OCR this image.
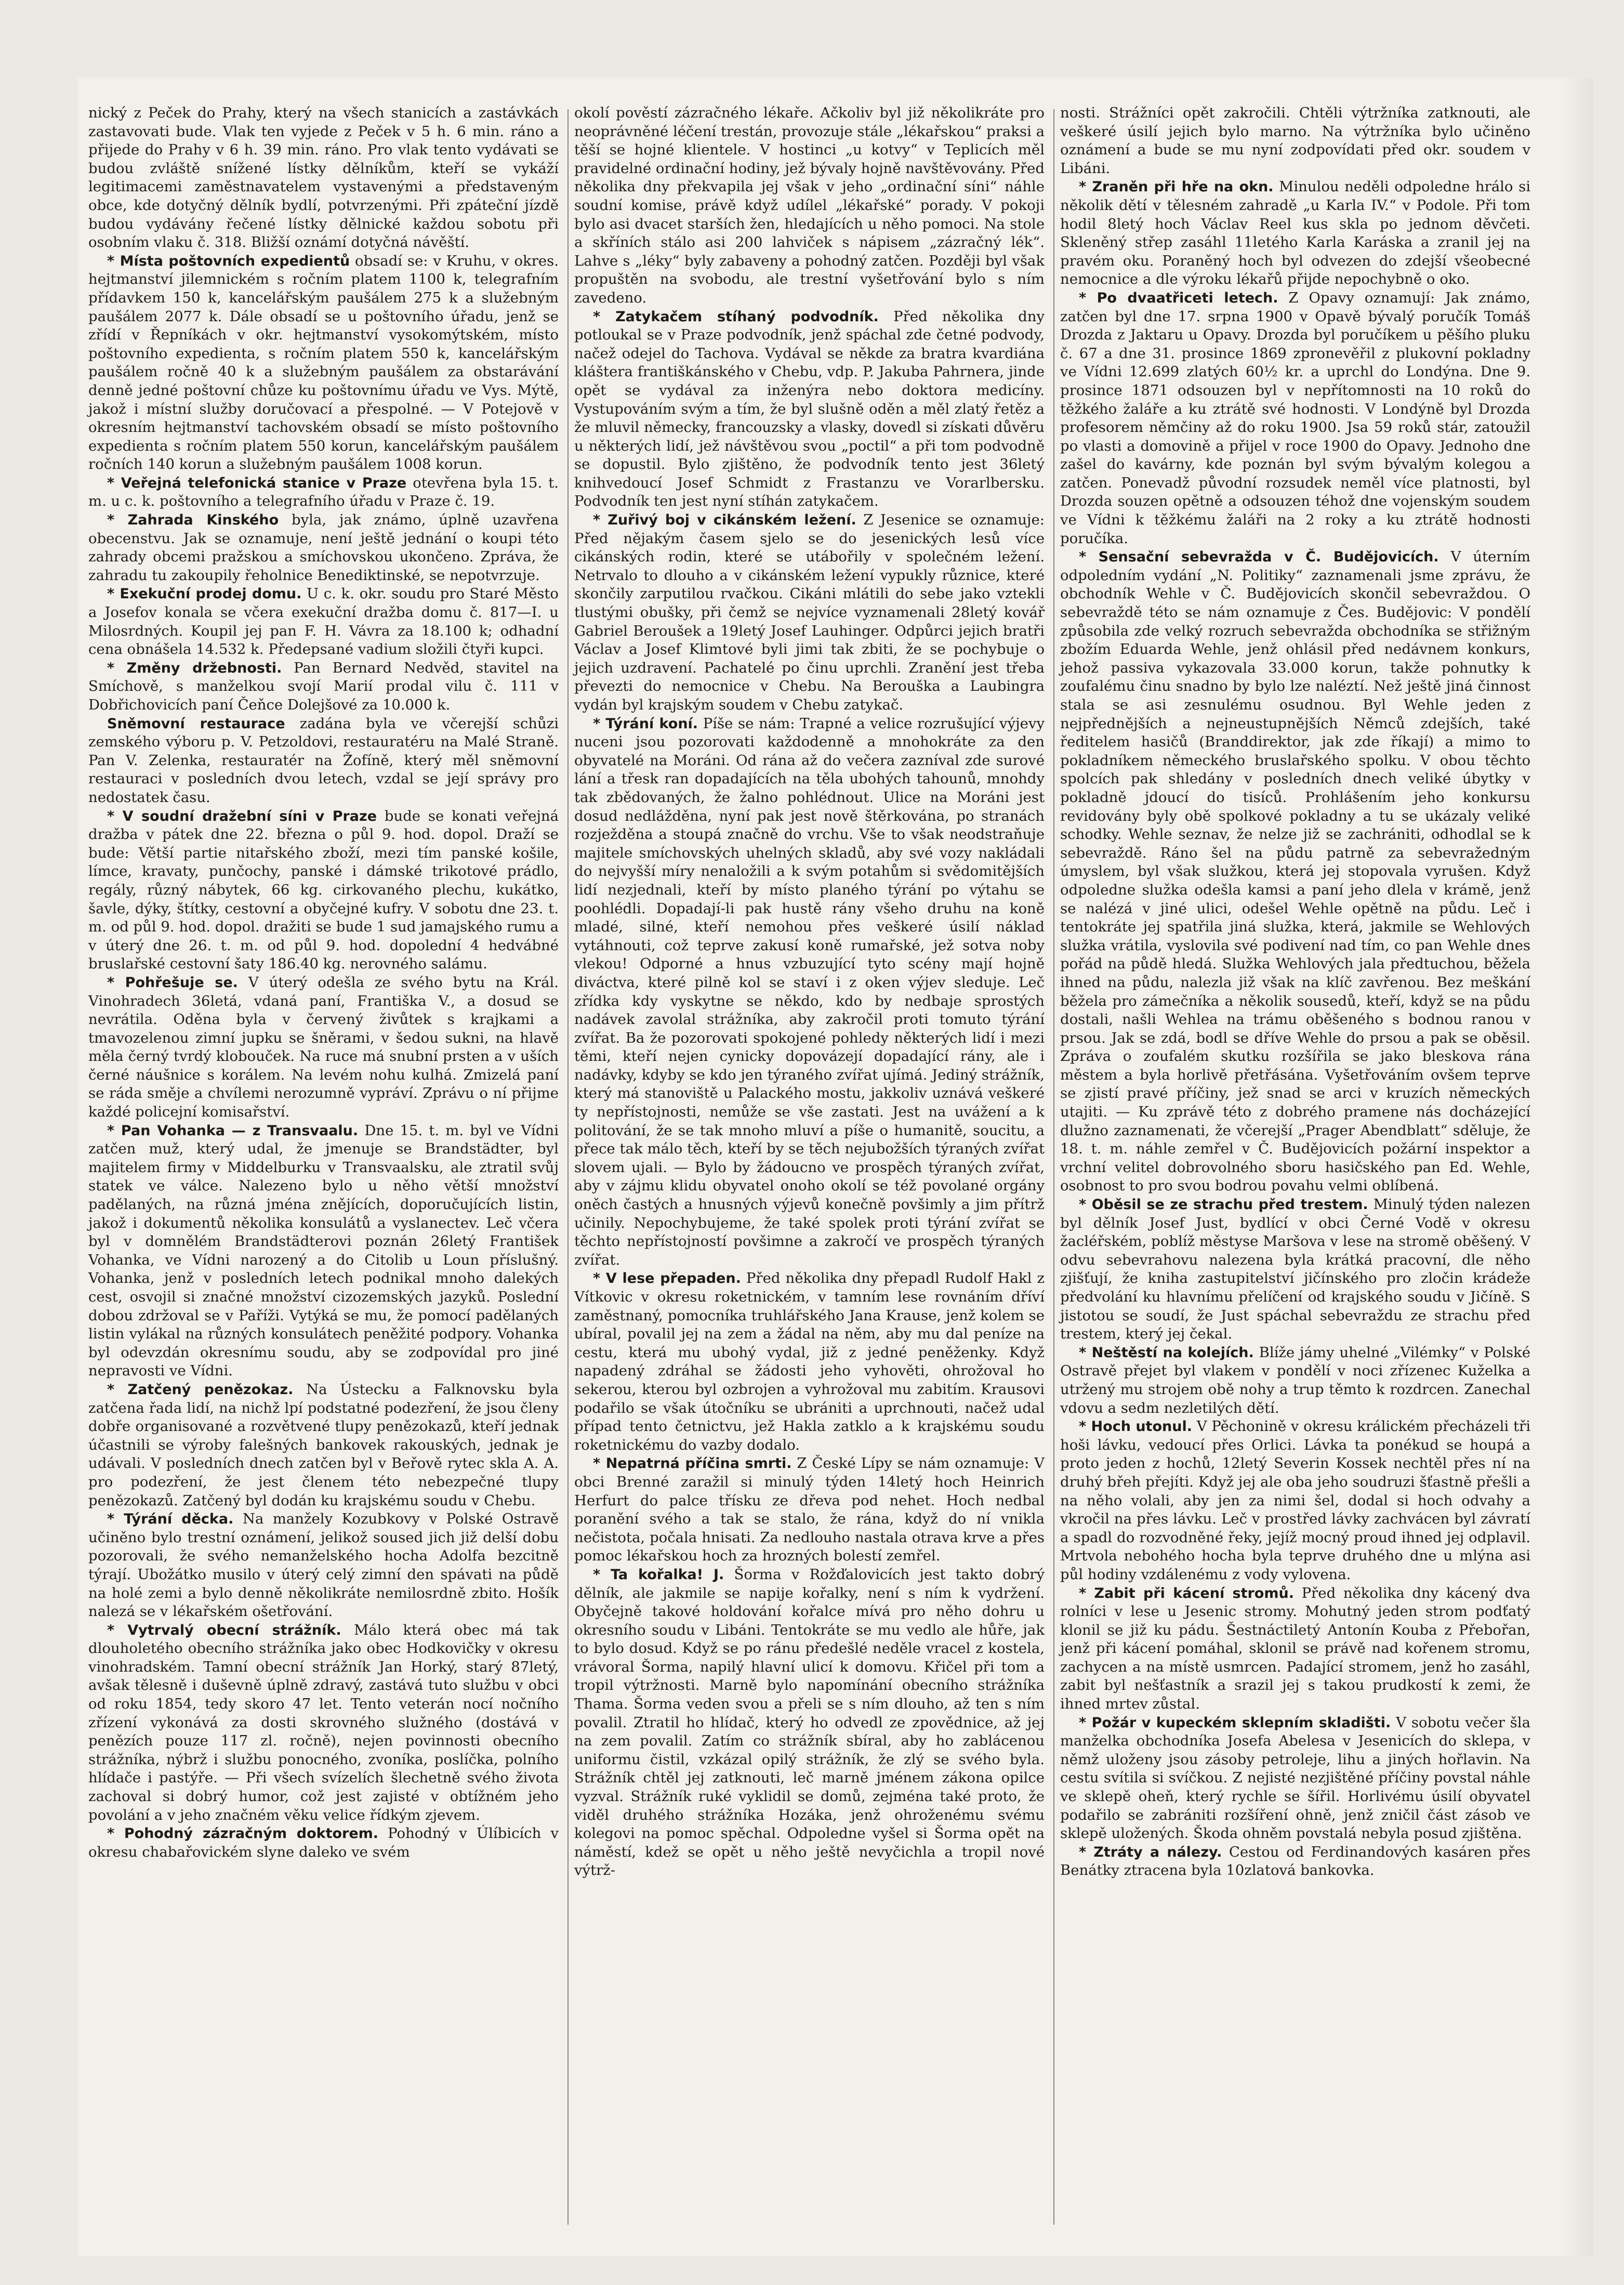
nický z Peček do Prahy, který na všech stanicích a zastávkách zastavovati bude. Vlak ten vyjede z Peček v 5 h. 6 min. ráno a přijede do Prahy v 6 h. 39 min. ráno. Pro vlak tento vydávati se budou zvláště snížené lístky dělníkům, kteří se vykáží legitimacemi zaměstnavatelem vystavenými a představeným obce, kde dotyčný dělník bydlí, potvrzenými. Při zpáteční jízdě budou vydávány řečené lístky dělnické každou sobotu při osobním vlaku č. 318. Bližší oznámí dotyčná návěští.

* Místa poštovních expedientů obsadí se: v Kruhu, v okres. hejtmanství jilemnickém s ročním platem 1100 k, telegrafním přídavkem 150 k, kancelářským paušálem 275 k a služebným paušálem 2077 k. Dále obsadí se u poštovního úřadu, jenž se zřídí v Řepníkách v okr. hejtmanství vysokomýtském, místo poštovního expedienta, s ročním platem 550 k, kancelářským paušálem ročně 40 k a služebným paušálem za obstarávání denně jedné poštovní chůze ku poštovnímu úřadu ve Vys. Mýtě, jakož i místní služby doručovací a přespolné. — V Potejově v okresním hejtmanství tachovském obsadí se místo poštovního expedienta s ročním platem 550 korun, kancelářským paušálem ročních 140 korun a služebným paušálem 1008 korun.

* Veřejná telefonická stanice v Praze otevřena byla 15. t. m. u c. k. poštovního a telegrafního úřadu v Praze č. 19.

* Zahrada Kinského byla, jak známo, úplně uzavřena obecenstvu. Jak se oznamuje, není ještě jednání o koupi této zahrady obcemi pražskou a smíchovskou ukončeno. Zpráva, že zahradu tu zakoupily řeholnice Benediktinské, se nepotvrzuje.

* Exekuční prodej domu. U c. k. okr. soudu pro Staré Město a Josefov konala se včera exekuční dražba domu č. 817—I. u Milosrdných. Koupil jej pan F. H. Vávra za 18.100 k; odhadní cena obnášela 14.532 k. Předepsané vadium složili čtyři kupci.

* Změny držebnosti. Pan Bernard Nedvěd, stavitel na Smíchově, s manželkou svojí Marií prodal vilu č. 111 v Dobřichovicích paní Čeňce Dolejšové za 10.000 k.

Sněmovní restaurace zadána byla ve včerejší schůzi zemského výboru p. V. Petzoldovi, restauratéru na Malé Straně. Pan V. Zelenka, restauratér na Žofíně, který měl sněmovní restauraci v posledních dvou letech, vzdal se její správy pro nedostatek času.

* V soudní dražební síni v Praze bude se konati veřejná dražba v pátek dne 22. března o půl 9. hod. dopol. Draží se bude: Větší partie nitařského zboží, mezi tím panské košile, límce, kravaty, punčochy, panské i dámské trikotové prádlo, regály, různý nábytek, 66 kg. cirkovaného plechu, kukátko, šavle, dýky, štítky, cestovní a obyčejné kufry. V sobotu dne 23. t. m. od půl 9. hod. dopol. dražiti se bude 1 sud jamajského rumu a v úterý dne 26. t. m. od půl 9. hod. dopolední 4 hedvábné bruslařské cestovní šaty 186.40 kg. nerovného salámu.

* Pohřešuje se. V úterý odešla ze svého bytu na Král. Vinohradech 36letá, vdaná paní, Františka V., a dosud se nevrátila. Oděna byla v červený živůtek s krajkami a tmavozelenou zimní jupku se šněrami, v šedou sukni, na hlavě měla černý tvrdý klobouček. Na ruce má snubní prsten a v uších černé náušnice s korálem. Na levém nohu kulhá. Zmizelá paní se ráda směje a chvílemi nerozumně vypráví. Zprávu o ní přijme každé policejní komisařství.

* Pan Vohanka — z Transvaalu. Dne 15. t. m. byl ve Vídni zatčen muž, který udal, že jmenuje se Brandstädter, byl majitelem firmy v Middelburku v Transvaalsku, ale ztratil svůj statek ve válce. Nalezeno bylo u něho větší množství padělaných, na různá jména znějících, doporučujících listin, jakož i dokumentů několika konsulátů a vyslanectev. Leč včera byl v domnělém Brandstädterovi poznán 26letý František Vohanka, ve Vídni narozený a do Citolib u Loun příslušný. Vohanka, jenž v posledních letech podnikal mnoho dalekých cest, osvojil si značné množství cizozemských jazyků. Poslední dobou zdržoval se v Paříži. Vytýká se mu, že pomocí padělaných listin vylákal na různých konsulátech peněžité podpory. Vohanka byl odevzdán okresnímu soudu, aby se zodpovídal pro jiné nepravosti ve Vídni.

* Zatčený penězokaz. Na Ústecku a Falknovsku byla zatčena řada lidí, na nichž lpí podstatné podezření, že jsou členy dobře organisované a rozvětvené tlupy penězokazů, kteří jednak účastnili se výroby falešných bankovek rakouských, jednak je udávali. V posledních dnech zatčen byl v Beřově rytec skla A. A. pro podezření, že jest členem této nebezpečné tlupy penězokazů. Zatčený byl dodán ku krajskému soudu v Chebu.

* Týrání děcka. Na manžely Kozubkovy v Polské Ostravě učiněno bylo trestní oznámení, jelikož soused jich již delší dobu pozorovali, že svého nemanželského hocha Adolfa bezcitně týrají. Ubožátko musilo v úterý celý zimní den spávati na půdě na holé zemi a bylo denně několikráte nemilosrdně zbito. Hošík nalezá se v lékařském ošetřování.

* Vytrvalý obecní strážník. Málo která obec má tak dlouholetého obecního strážníka jako obec Hodkovičky v okresu vinohradském. Tamní obecní strážník Jan Horký, starý 87letý, avšak tělesně i duševně úplně zdravý, zastává tuto službu v obci od roku 1854, tedy skoro 47 let. Tento veterán nocí nočního zřízení vykonává za dosti skrovného služného (dostává v penězích pouze 117 zl. ročně), nejen povinnosti obecního strážníka, nýbrž i službu ponocného, zvoníka, poslíčka, polního hlídače i pastýře. — Při všech svízelích šlechetně svého života zachoval si dobrý humor, což jest zajisté v obtížném jeho povolání a v jeho značném věku velice řídkým zjevem.

* Pohodný zázračným doktorem. Pohodný v Úlíbicích v okresu chabařovickém slyne daleko ve svém

okolí pověstí zázračného lékaře. Ačkoliv byl již několikráte pro neoprávněné léčení trestán, provozuje stále „lékařskou“ praksi a těší se hojné klientele. V hostinci „u kotvy“ v Teplicích měl pravidelné ordinační hodiny, jež bývaly hojně navštěvovány. Před několika dny překvapila jej však v jeho „ordinační síni“ náhle soudní komise, právě když udílel „lékařské“ porady. V pokoji bylo asi dvacet starších žen, hledajících u něho pomoci. Na stole a skříních stálo asi 200 lahviček s nápisem „zázračný lék“. Lahve s „léky“ byly zabaveny a pohodný zatčen. Později byl však propuštěn na svobodu, ale trestní vyšetřování bylo s ním zavedeno.

* Zatykačem stíhaný podvodník. Před několika dny potloukal se v Praze podvodník, jenž spáchal zde četné podvody, načež odejel do Tachova. Vydával se někde za bratra kvardiána kláštera františkánského v Chebu, vdp. P. Jakuba Pahrnera, jinde opět se vydával za inženýra nebo doktora medicíny. Vystupováním svým a tím, že byl slušně oděn a měl zlatý řetěz a že mluvil německy, francouzsky a vlasky, dovedl si získati důvěru u některých lidí, jež návštěvou svou „poctil“ a při tom podvodně se dopustil. Bylo zjištěno, že podvodník tento jest 36letý knihvedoucí Josef Schmidt z Frastanzu ve Vorarlbersku. Podvodník ten jest nyní stíhán zatykačem.

* Zuřivý boj v cikánském ležení. Z Jesenice se oznamuje: Před nějakým časem sjelo se do jesenických lesů více cikánských rodin, které se utábořily v společném ležení. Netrvalo to dlouho a v cikánském ležení vypukly různice, které skončily zarputilou rvačkou. Cikáni mlátili do sebe jako vztekli tlustými obušky, při čemž se nejvíce vyznamenali 28letý kovář Gabriel Beroušek a 19letý Josef Lauhinger. Odpůrci jejich bratři Václav a Josef Klimtové byli jimi tak zbiti, že se pochybuje o jejich uzdravení. Pachatelé po činu uprchli. Zranění jest třeba převezti do nemocnice v Chebu. Na Berouška a Laubingra vydán byl krajským soudem v Chebu zatykač.

* Týrání koní. Píše se nám: Trapné a velice rozrušující výjevy nuceni jsou pozorovati každodenně a mnohokráte za den obyvatelé na Moráni. Od rána až do večera zazníval zde surové lání a třesk ran dopadajících na těla ubohých tahounů, mnohdy tak zbědovaných, že žalno pohlédnout. Ulice na Moráni jest dosud nedlážděna, nyní pak jest nově štěrkována, po stranách rozježděna a stoupá značně do vrchu. Vše to však neodstraňuje majitele smíchovských uhelných skladů, aby své vozy nakládali do nejvyšší míry nenaložili a k svým potahům si svědomitějších lidí nezjednali, kteří by místo planého týrání po výtahu se poohlédli. Dopadají-li pak hustě rány všeho druhu na koně mladé, silné, kteří nemohou přes veškeré úsilí náklad vytáhnouti, což teprve zakusí koně rumařské, jež sotva noby vlekou! Odporné a hnus vzbuzující tyto scény mají hojně diváctva, které pilně kol se staví i z oken výjev sleduje. Leč zřídka kdy vyskytne se někdo, kdo by nedbaje sprostých nadávek zavolal strážníka, aby zakročil proti tomuto týrání zvířat. Ba že pozorovati spokojené pohledy některých lidí i mezi těmi, kteří nejen cynicky dopovázejí dopadající rány, ale i nadávky, kdyby se kdo jen týraného zvířat ujímá. Jediný strážník, který má stanoviště u Palackého mostu, jakkoliv uznává veškeré ty nepřístojnosti, nemůže se vše zastati. Jest na uvážení a k politování, že se tak mnoho mluví a píše o humanitě, soucitu, a přece tak málo těch, kteří by se těch nejubožších týraných zvířat slovem ujali. — Bylo by žádoucno ve prospěch týraných zvířat, aby v zájmu klidu obyvatel onoho okolí se též povolané orgány oněch častých a hnusných výjevů konečně povšimly a jim přítrž učinily. Nepochybujeme, že také spolek proti týrání zvířat se těchto nepřístojností povšimne a zakročí ve prospěch týraných zvířat.

* V lese přepaden. Před několika dny přepadl Rudolf Hakl z Vítkovic v okresu roketnickém, v tamním lese rovnáním dříví zaměstnaný, pomocníka truhlářského Jana Krause, jenž kolem se ubíral, povalil jej na zem a žádal na něm, aby mu dal peníze na cestu, která mu ubohý vydal, již z jedné peněženky. Když napadený zdráhal se žádosti jeho vyhověti, ohrožoval ho sekerou, kterou byl ozbrojen a vyhrožoval mu zabitím. Krausovi podařilo se však útočníku se ubrániti a uprchnouti, načež udal případ tento četnictvu, jež Hakla zatklo a k krajskému soudu roketnickému do vazby dodalo.

* Nepatrná příčina smrti. Z České Lípy se nám oznamuje: V obci Brenné zaražil si minulý týden 14letý hoch Heinrich Herfurt do palce třísku ze dřeva pod nehet. Hoch nedbal poranění svého a tak se stalo, že rána, když do ní vnikla nečistota, počala hnisati. Za nedlouho nastala otrava krve a přes pomoc lékařskou hoch za hrozných bolestí zemřel.

* Ta kořalka! J. Šorma v Rožďalovicích jest takto dobrý dělník, ale jakmile se napije kořalky, není s ním k vydržení. Obyčejně takové holdování kořalce mívá pro něho dohru u okresního soudu v Libáni. Tentokráte se mu vedlo ale hůře, jak to bylo dosud. Když se po ránu předešlé neděle vracel z kostela, vrávoral Šorma, napilý hlavní ulicí k domovu. Křičel při tom a tropil výtržnosti. Marně bylo napomínání obecního strážníka Thama. Šorma veden svou a přeli se s ním dlouho, až ten s ním povalil. Ztratil ho hlídač, který ho odvedl ze zpovědnice, až jej na zem povalil. Zatím co strážník sbíral, aby ho zablácenou uniformu čistil, vzkázal opilý strážník, že zlý se svého byla. Strážník chtěl jej zatknouti, leč marně jménem zákona opilce vyzval. Strážník ruké vyklidil se domů, zejména také proto, že viděl druhého strážníka Hozáka, jenž ohroženému svému kolegovi na pomoc spěchal. Odpoledne vyšel si Šorma opět na náměstí, kdež se opět u něho ještě nevyčichla a tropil nové výtrž-

nosti. Strážníci opět zakročili. Chtěli výtržníka zatknouti, ale veškeré úsilí jejich bylo marno. Na výtržníka bylo učiněno oznámení a bude se mu nyní zodpovídati před okr. soudem v Libáni.

* Zraněn při hře na okn. Minulou neděli odpoledne hrálo si několik dětí v tělesném zahradě „u Karla IV.“ v Podole. Při tom hodil 8letý hoch Václav Reel kus skla po jednom děvčeti. Skleněný střep zasáhl 11letého Karla Karáska a zranil jej na pravém oku. Poraněný hoch byl odvezen do zdejší všeobecné nemocnice a dle výroku lékařů přijde nepochybně o oko.

* Po dvaatřiceti letech. Z Opavy oznamují: Jak známo, zatčen byl dne 17. srpna 1900 v Opavě bývalý poručík Tomáš Drozda z Jaktaru u Opavy. Drozda byl poručíkem u pěšího pluku č. 67 a dne 31. prosince 1869 zpronevěřil z plukovní pokladny ve Vídni 12.699 zlatých 60½ kr. a uprchl do Londýna. Dne 9. prosince 1871 odsouzen byl v nepřítomnosti na 10 roků do těžkého žaláře a ku ztrátě své hodnosti. V Londýně byl Drozda profesorem němčiny až do roku 1900. Jsa 59 roků stár, zatoužil po vlasti a domovině a přijel v roce 1900 do Opavy. Jednoho dne zašel do kavárny, kde poznán byl svým bývalým kolegou a zatčen. Ponevadž původní rozsudek neměl více platnosti, byl Drozda souzen opětně a odsouzen téhož dne vojenským soudem ve Vídni k těžkému žaláři na 2 roky a ku ztrátě hodnosti poručíka.

* Sensační sebevražda v Č. Budějovicích. V úterním odpoledním vydání „N. Politiky“ zaznamenali jsme zprávu, že obchodník Wehle v Č. Budějovicích skončil sebevraždou. O sebevraždě této se nám oznamuje z Čes. Budějovic: V pondělí způsobila zde velký rozruch sebevražda obchodníka se střižným zbožím Eduarda Wehle, jenž ohlásil před nedávnem konkurs, jehož passiva vykazovala 33.000 korun, takže pohnutky k zoufalému činu snadno by bylo lze naléztí. Než ještě jiná činnost stala se asi zesnulému osudnou. Byl Wehle jeden z nejpřednějších a nejneustupnějších Němců zdejších, také ředitelem hasičů (Branddirektor, jak zde říkají) a mimo to pokladníkem německého bruslařského spolku. V obou těchto spolcích pak shledány v posledních dnech veliké úbytky v pokladně jdoucí do tisíců. Prohlášením jeho konkursu revidovány byly obě spolkové pokladny a tu se ukázaly veliké schodky. Wehle seznav, že nelze již se zachrániti, odhodlal se k sebevraždě. Ráno šel na půdu patrně za sebevražedným úmyslem, byl však služkou, která jej stopovala vyrušen. Když odpoledne služka odešla kamsi a paní jeho dlela v krámě, jenž se nalézá v jiné ulici, odešel Wehle opětně na půdu. Leč i tentokráte jej spatřila jiná služka, která, jakmile se Wehlových služka vrátila, vyslovila své podivení nad tím, co pan Wehle dnes pořád na půdě hledá. Služka Wehlových jala předtuchou, běžela ihned na půdu, nalezla již však na klíč zavřenou. Bez meškání běžela pro zámečníka a několik sousedů, kteří, když se na půdu dostali, našli Wehlea na trámu oběšeného s bodnou ranou v prsou. Jak se zdá, bodl se dříve Wehle do prsou a pak se oběsil. Zpráva o zoufalém skutku rozšířila se jako bleskova rána městem a byla horlivě přetřásána. Vyšetřováním ovšem teprve se zjistí pravé příčiny, jež snad se arci v kruzích německých utajiti. — Ku zprávě této z dobrého pramene nás docházející dlužno zaznamenati, že včerejší „Prager Abendblatt“ sděluje, že 18. t. m. náhle zemřel v Č. Budějovicích požární inspektor a vrchní velitel dobrovolného sboru hasičského pan Ed. Wehle, osobnost to pro svou bodrou povahu velmi oblíbená.

* Oběsil se ze strachu před trestem. Minulý týden nalezen byl dělník Josef Just, bydlící v obci Černé Vodě v okresu žacléřském, poblíž městyse Maršova v lese na stromě oběšený. V odvu sebevrahovu nalezena byla krátká pracovní, dle něho zjišťují, že kniha zastupitelství jičínského pro zločin krádeže předvolání ku hlavnímu přelíčení od krajského soudu v Jičíně. S jistotou se soudí, že Just spáchal sebevraždu ze strachu před trestem, který jej čekal.

* Neštěstí na kolejích. Blíže jámy uhelné „Vilémky“ v Polské Ostravě přejet byl vlakem v pondělí v noci zřízenec Kuželka a utržený mu strojem obě nohy a trup těmto k rozdrcen. Zanechal vdovu a sedm nezletilých dětí.

* Hoch utonul. V Pěchonině v okresu králickém přecházeli tři hoši lávku, vedoucí přes Orlici. Lávka ta ponékud se houpá a proto jeden z hochů, 12letý Severin Kossek nechtěl přes ní na druhý břeh přejíti. Když jej ale oba jeho soudruzi šťastně přešli a na něho volali, aby jen za nimi šel, dodal si hoch odvahy a vkročil na přes lávku. Leč v prostřed lávky zachvácen byl závratí a spadl do rozvodněné řeky, jejíž mocný proud ihned jej odplavil. Mrtvola nebohého hocha byla teprve druhého dne u mlýna asi půl hodiny vzdálenému z vody vylovena.

* Zabit při kácení stromů. Před několika dny kácený dva rolníci v lese u Jesenic stromy. Mohutný jeden strom podťatý klonil se již ku pádu. Šestnáctiletý Antonín Kouba z Přebořan, jenž při kácení pomáhal, sklonil se právě nad kořenem stromu, zachycen a na místě usmrcen. Padající stromem, jenž ho zasáhl, zabit byl nešťastník a srazil jej s takou prudkostí k zemi, že ihned mrtev zůstal.

* Požár v kupeckém sklepním skladišti. V sobotu večer šla manželka obchodníka Josefa Abelesa v Jesenicích do sklepa, v němž uloženy jsou zásoby petroleje, lihu a jiných hořlavin. Na cestu svítila si svíčkou. Z nejisté nezjištěné příčiny povstal náhle ve sklepě oheň, který rychle se šířil. Horlivému úsilí obyvatel podařilo se zabrániti rozšíření ohně, jenž zničil část zásob ve sklepě uložených. Škoda ohněm povstalá nebyla posud zjištěna.

* Ztráty a nálezy. Cestou od Ferdinandových kasáren přes Benátky ztracena byla 10zlatová bankovka.
